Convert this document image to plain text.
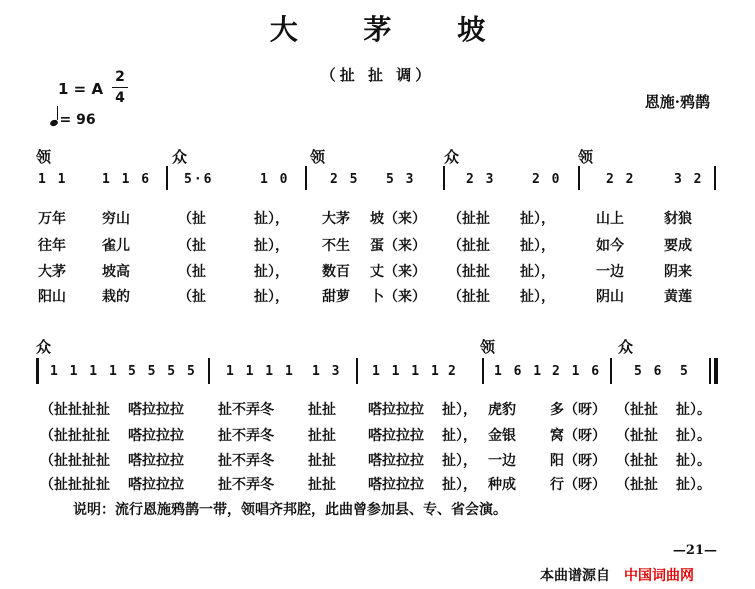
大 茅 坡
（扯 扯 调）
恩施·鸦鹊
1 = A
2
4
= 96
领	众	领	众	领
1 1	1 1 6	5·6	1 0	2 5 5 3	2 3	2 0	2 2	3 2
万年	穷山	（扯	扯）， 大茅 坡（来） （扯扯 扯），	山上	豺狼
往年	雀儿	（扯	扯）， 不生 蛋（来） （扯扯 扯），	如今	要成
大茅	坡高	（扯	扯）， 数百 丈（来） （扯扯 扯），	一边	阴来
阳山	栽的	（扯	扯）， 甜萝 卜（来） （扯扯 扯），	阴山	黄莲
众	领	众
1 1 1 1 5 5 5 5 1 1 1 1 1 3 1 1 1 1 2	1 6 1 2 1 6	5 6 5
（扯扯扯扯 嗒拉拉拉 扯不弄冬 扯扯 嗒拉拉拉 扯）， 虎豹 多（呀） （扯扯 扯）。
（扯扯扯扯 嗒拉拉拉 扯不弄冬 扯扯 嗒拉拉拉 扯）， 金银 窝（呀） （扯扯 扯）。
（扯扯扯扯 嗒拉拉拉 扯不弄冬 扯扯 嗒拉拉拉 扯）， 一边 阳（呀） （扯扯 扯）。
（扯扯扯扯 嗒拉拉拉 扯不弄冬 扯扯 嗒拉拉拉 扯）， 种成 行（呀） （扯扯 扯）。
说明：流行恩施鸦鹊一带，领唱齐邦腔，此曲曾参加县、专、省会演。
—21—
本曲谱源自 中国词曲网
